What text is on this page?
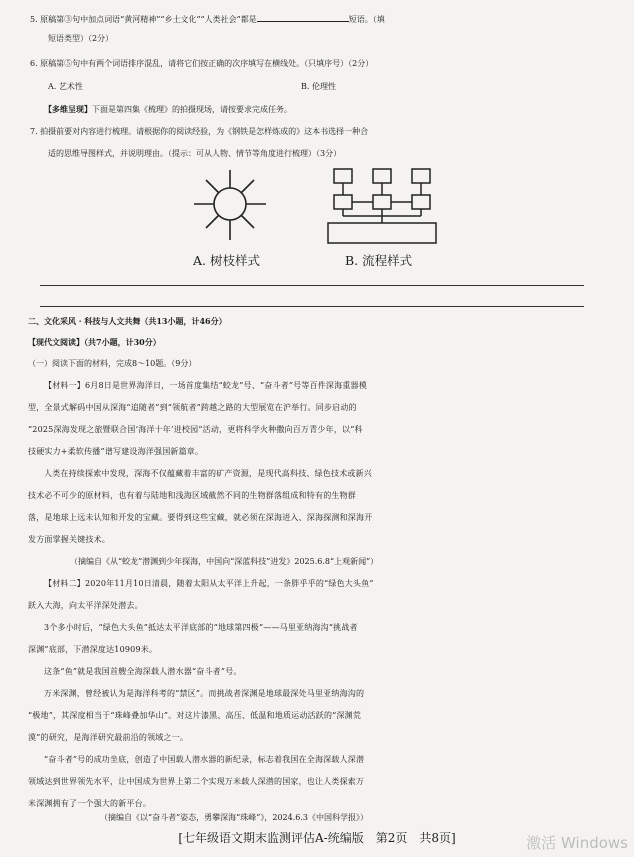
5. 原稿第③句中加点词语“黄河精神”“乡土文化”“人类社会”都是	短语。（填
短语类型）（2分）
6. 原稿第⑤句中有两个词语排序混乱，请将它们按正确的次序填写在横线处。（只填序号）（2分）
A. 艺术性	B. 伦理性
【多维呈现】下面是第四集《梳理》的拍摄现场，请按要求完成任务。
7. 拍摄前要对内容进行梳理。请根据你的阅读经验，为《钢铁是怎样炼成的》这本书选择一种合
适的思维导图样式，并说明理由。（提示：可从人物、情节等角度进行梳理）（3分）
A. 树枝样式	B. 流程样式
二、文化采风 · 科技与人文共舞（共13小题，计46分）
【现代文阅读】（共7小题，计30分）
（一）阅读下面的材料，完成8～10题。（9分）
【材料一】6月8日是世界海洋日，一场首度集结“蛟龙”号、“奋斗者”号等百件深海重器模
型，全景式解码中国从深海“追随者”到“领航者”跨越之路的大型展览在沪举行。同步启动的
“2025深海发现之旅暨联合国‘海洋十年’进校园”活动，更将科学火种撒向百万青少年，以“科
技硬实力+柔软传播”谱写建设海洋强国新篇章。
人类在持续探索中发现，深海不仅蕴藏着丰富的矿产资源，是现代高科技、绿色技术或新兴
技术必不可少的原材料，也有着与陆地和浅海区域截然不同的生物群落组成和特有的生物群
落，是地球上远未认知和开发的宝藏。要得到这些宝藏，就必须在深海进入、深海探测和深海开
发方面掌握关键技术。
（摘编自《从“蛟龙”潜渊到少年探海，中国向“深蓝科技”进发》2025.6.8“上观新闻”）
【材料二】2020年11月10日清晨，随着太阳从太平洋上升起，一条胖乎乎的“绿色大头鱼”
跃入大海，向太平洋深处潜去。
3个多小时后，“绿色大头鱼”抵达太平洋底部的“地球第四极”——马里亚纳海沟“挑战者
深渊”底部，下潜深度达10909米。
这条“鱼”就是我国首艘全海深载人潜水器“奋斗者”号。
万米深渊，曾经被认为是海洋科考的“禁区”。而挑战者深渊是地球最深处马里亚纳海沟的
“极地”，其深度相当于“珠峰叠加华山”。对这片漆黑、高压、低温和地质运动活跃的“深渊荒
漠”的研究，是海洋研究最前沿的领域之一。
“奋斗者”号的成功坐底，创造了中国载人潜水器的新纪录，标志着我国在全海深载人深潜
领域达到世界领先水平，让中国成为世界上第二个实现万米载人深潜的国家，也让人类探索万
米深渊拥有了一个强大的新平台。
（摘编自《以“奋斗者”姿态，勇攀深海“珠峰”》，2024.6.3《中国科学报》）
[七年级语文期末监测评估A-统编版　第2页　共8页]	激活 Windows
